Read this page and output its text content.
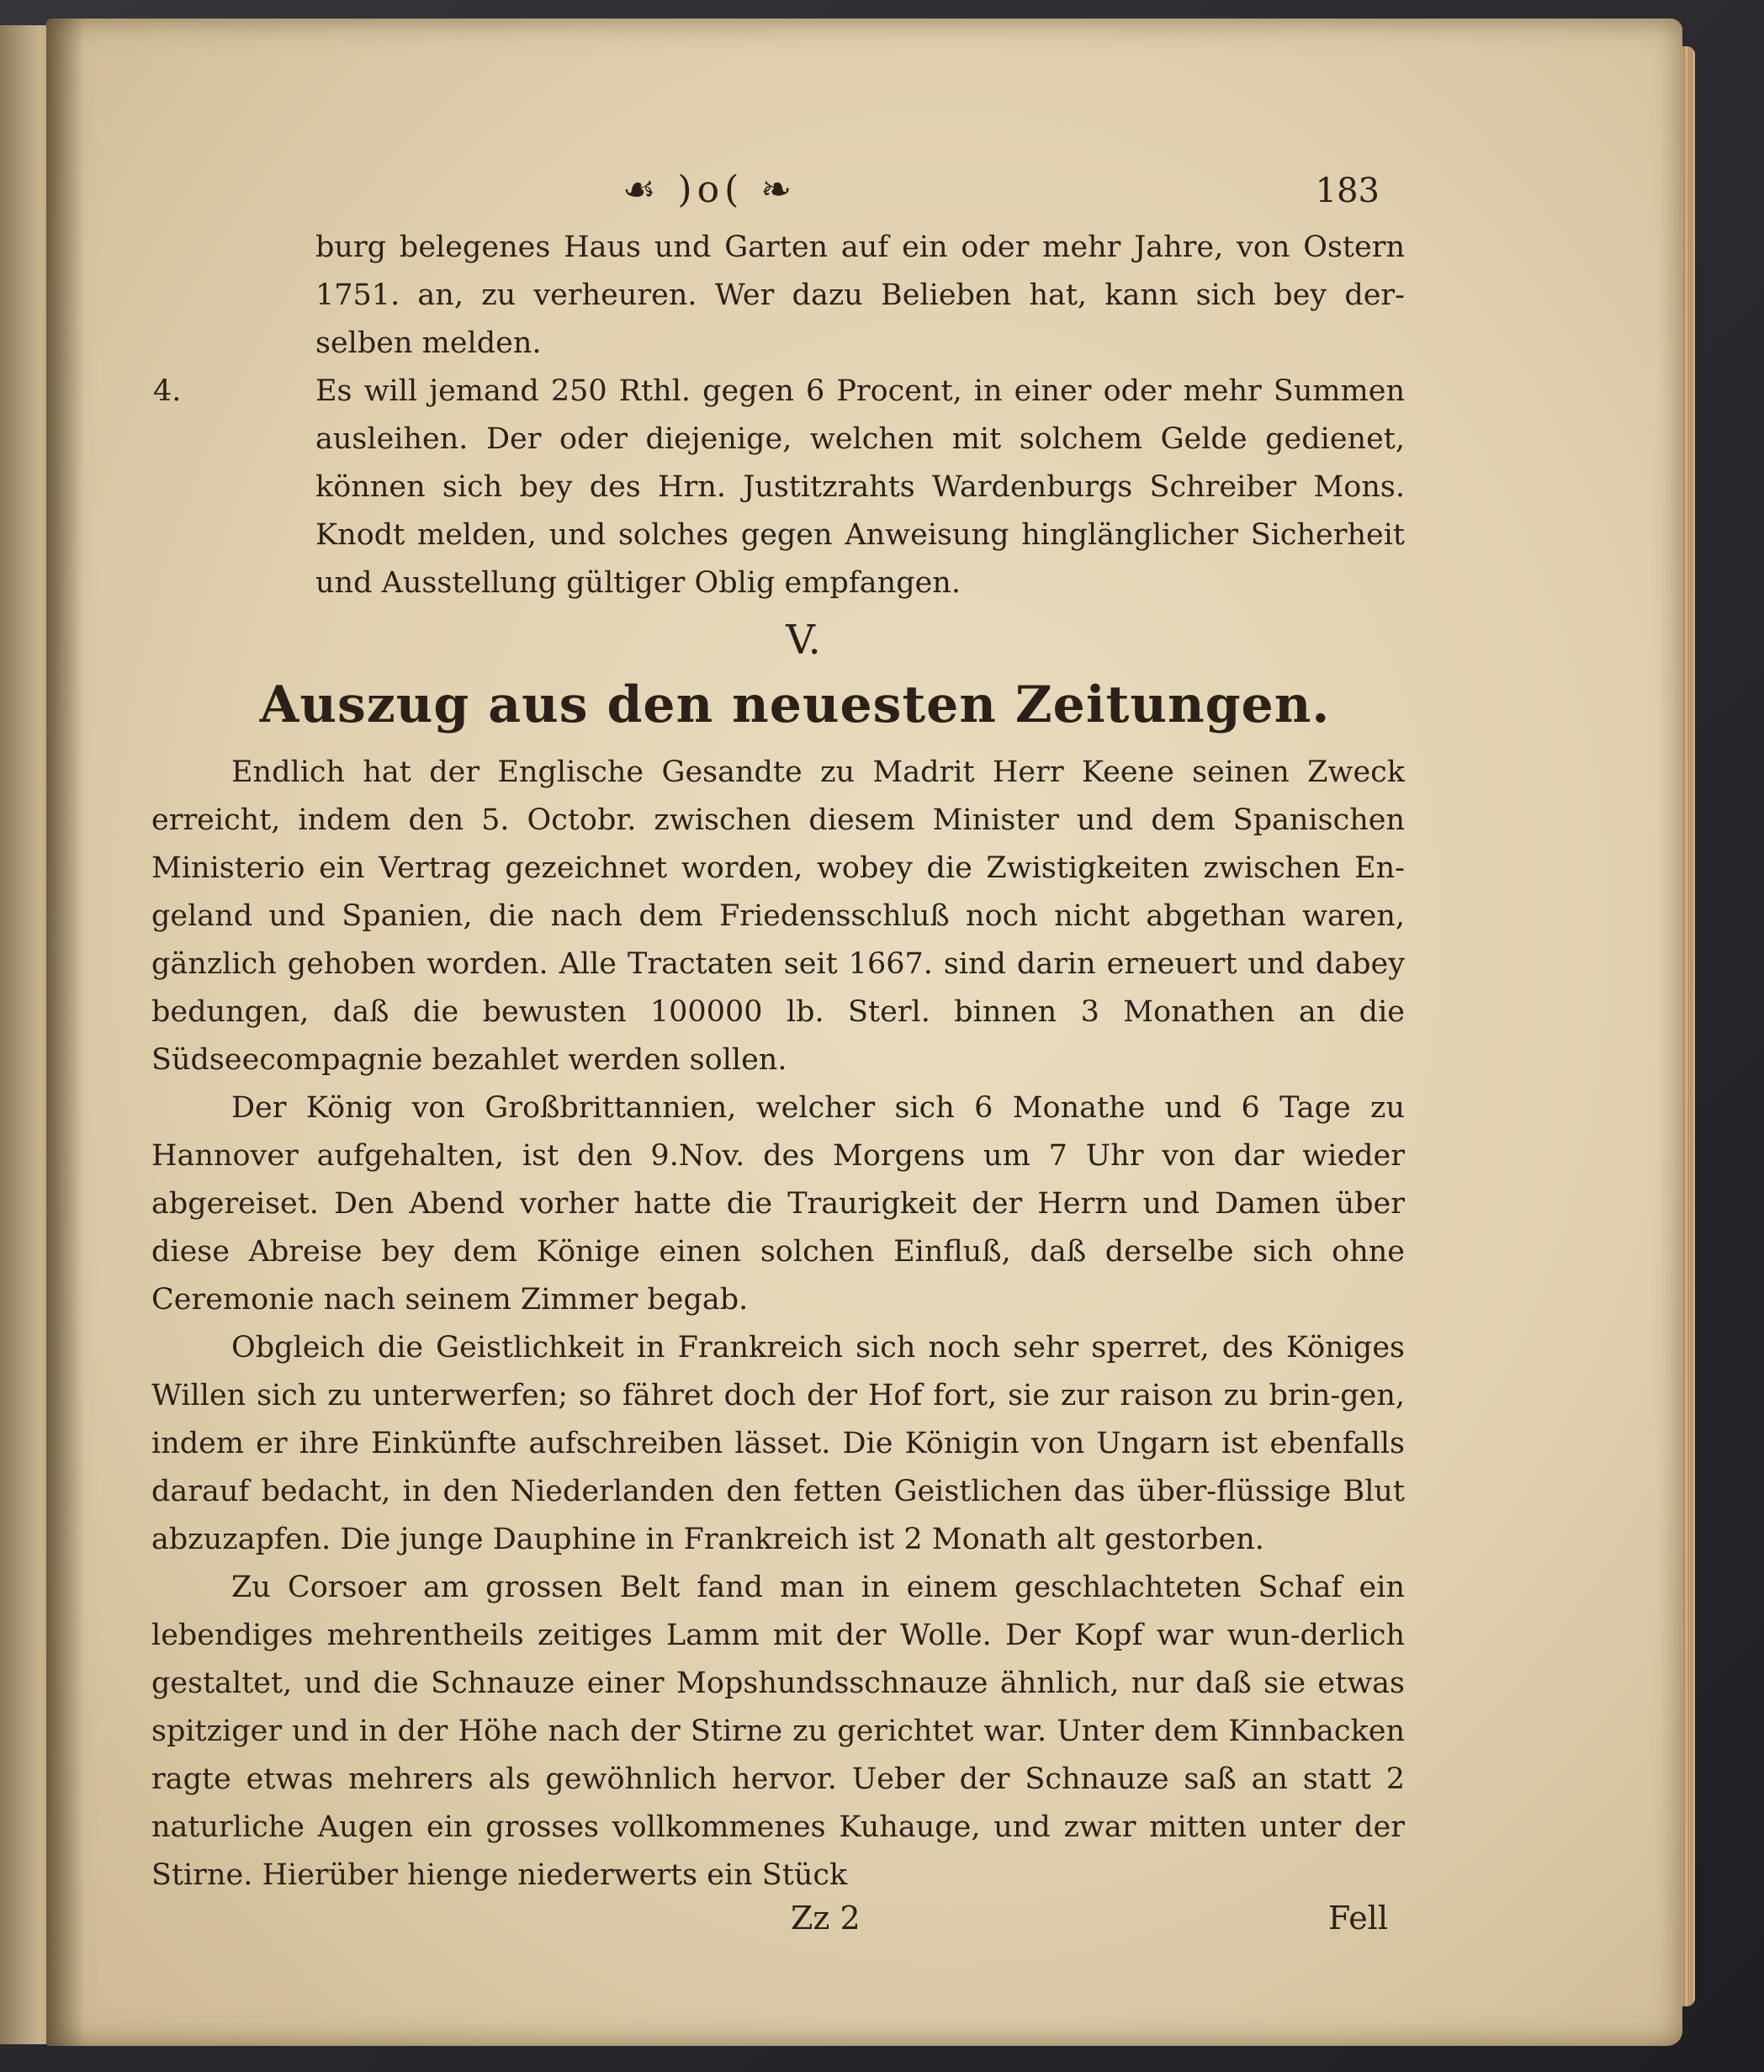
☙ )o( ❧	183

burg belegenes Haus und Garten auf ein oder mehr Jahre, von Ostern 1751. an, zu verheuren. Wer dazu Belieben hat, kann sich bey der-selben melden.

4.	Es will jemand 250 Rthl. gegen 6 Procent, in einer oder mehr Summen ausleihen. Der oder diejenige, welchen mit solchem Gelde gedienet, können sich bey des Hrn. Justitzrahts Wardenburgs Schreiber Mons. Knodt melden, und solches gegen Anweisung hinglänglicher Sicherheit und Ausstellung gültiger Oblig empfangen.

V.
Auszug aus den neuesten Zeitungen.

Endlich hat der Englische Gesandte zu Madrit Herr Keene seinen Zweck erreicht, indem den 5. Octobr. zwischen diesem Minister und dem Spanischen Ministerio ein Vertrag gezeichnet worden, wobey die Zwistigkeiten zwischen En-geland und Spanien, die nach dem Friedensschluß noch nicht abgethan waren, gänzlich gehoben worden. Alle Tractaten seit 1667. sind darin erneuert und dabey bedungen, daß die bewusten 100000 lb. Sterl. binnen 3 Monathen an die Südseecompagnie bezahlet werden sollen.

Der König von Großbrittannien, welcher sich 6 Monathe und 6 Tage zu Hannover aufgehalten, ist den 9.Nov. des Morgens um 7 Uhr von dar wieder abgereiset. Den Abend vorher hatte die Traurigkeit der Herrn und Damen über diese Abreise bey dem Könige einen solchen Einfluß, daß derselbe sich ohne Ceremonie nach seinem Zimmer begab.

Obgleich die Geistlichkeit in Frankreich sich noch sehr sperret, des Königes Willen sich zu unterwerfen; so fähret doch der Hof fort, sie zur raison zu brin-gen, indem er ihre Einkünfte aufschreiben lässet. Die Königin von Ungarn ist ebenfalls darauf bedacht, in den Niederlanden den fetten Geistlichen das über-flüssige Blut abzuzapfen. Die junge Dauphine in Frankreich ist 2 Monath alt gestorben.

Zu Corsoer am grossen Belt fand man in einem geschlachteten Schaf ein lebendiges mehrentheils zeitiges Lamm mit der Wolle. Der Kopf war wun-derlich gestaltet, und die Schnauze einer Mopshundsschnauze ähnlich, nur daß sie etwas spitziger und in der Höhe nach der Stirne zu gerichtet war. Unter dem Kinnbacken ragte etwas mehrers als gewöhnlich hervor. Ueber der Schnauze saß an statt 2 naturliche Augen ein grosses vollkommenes Kuhauge, und zwar mitten unter der Stirne. Hierüber hienge niederwerts ein Stück

Zz 2	Fell
